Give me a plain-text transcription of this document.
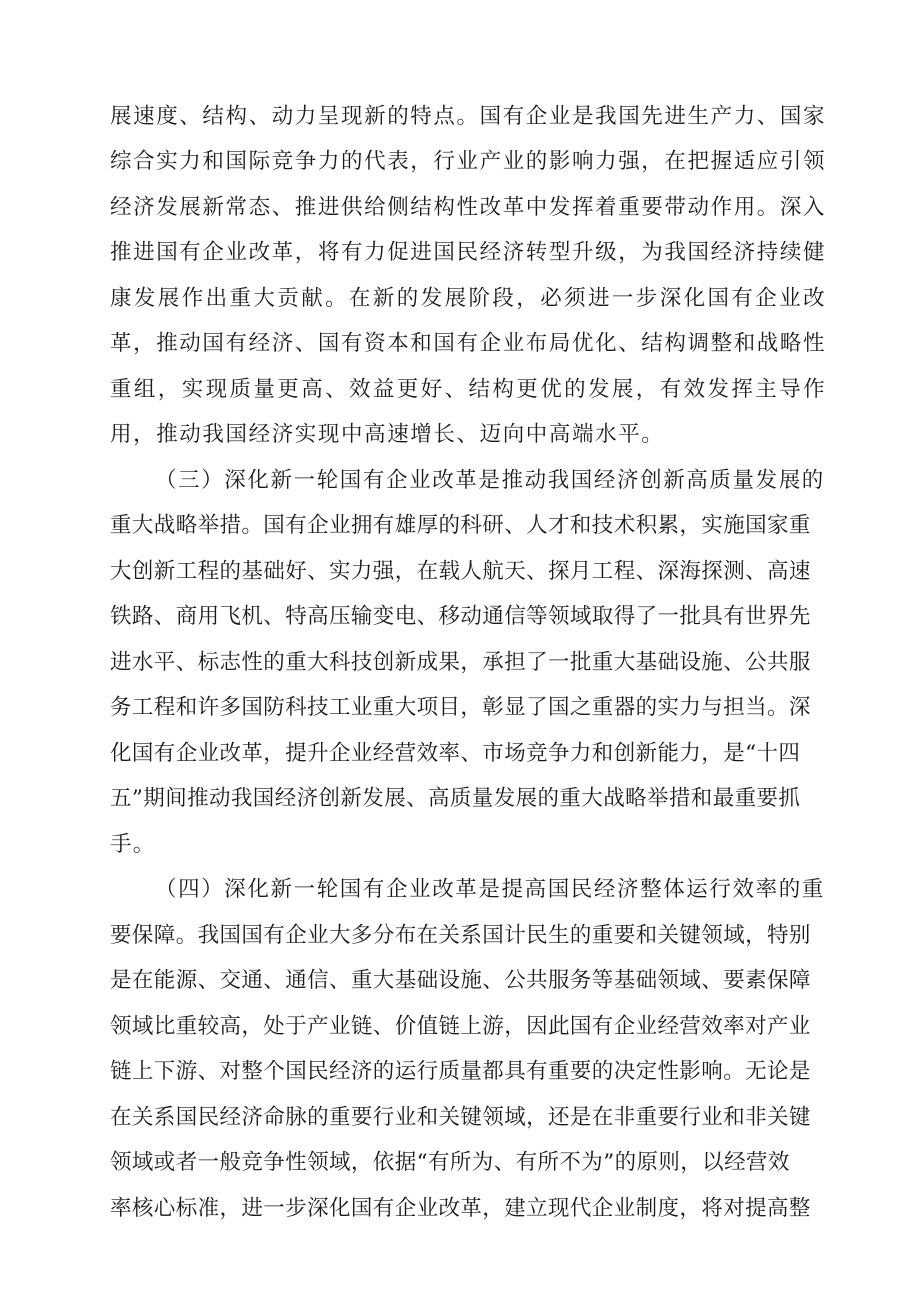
展速度、结构、动力呈现新的特点。国有企业是我国先进生产力、国家
综合实力和国际竞争力的代表，行业产业的影响力强，在把握适应引领
经济发展新常态、推进供给侧结构性改革中发挥着重要带动作用。深入
推进国有企业改革，将有力促进国民经济转型升级，为我国经济持续健
康发展作出重大贡献。在新的发展阶段，必须进一步深化国有企业改
革，推动国有经济、国有资本和国有企业布局优化、结构调整和战略性
重组，实现质量更高、效益更好、结构更优的发展，有效发挥主导作
用，推动我国经济实现中高速增长、迈向中高端水平。
（三）深化新一轮国有企业改革是推动我国经济创新高质量发展的
重大战略举措。国有企业拥有雄厚的科研、人才和技术积累，实施国家重
大创新工程的基础好、实力强，在载人航天、探月工程、深海探测、高速
铁路、商用飞机、特高压输变电、移动通信等领域取得了一批具有世界先
进水平、标志性的重大科技创新成果，承担了一批重大基础设施、公共服
务工程和许多国防科技工业重大项目，彰显了国之重器的实力与担当。深
化国有企业改革，提升企业经营效率、市场竞争力和创新能力，是“十四
五”期间推动我国经济创新发展、高质量发展的重大战略举措和最重要抓
手。
（四）深化新一轮国有企业改革是提高国民经济整体运行效率的重
要保障。我国国有企业大多分布在关系国计民生的重要和关键领域，特别
是在能源、交通、通信、重大基础设施、公共服务等基础领域、要素保障
领域比重较高，处于产业链、价值链上游，因此国有企业经营效率对产业
链上下游、对整个国民经济的运行质量都具有重要的决定性影响。无论是
在关系国民经济命脉的重要行业和关键领域，还是在非重要行业和非关键
领域或者一般竞争性领域，依据“有所为、有所不为”的原则，以经营效
率核心标准，进一步深化国有企业改革，建立现代企业制度，将对提高整
